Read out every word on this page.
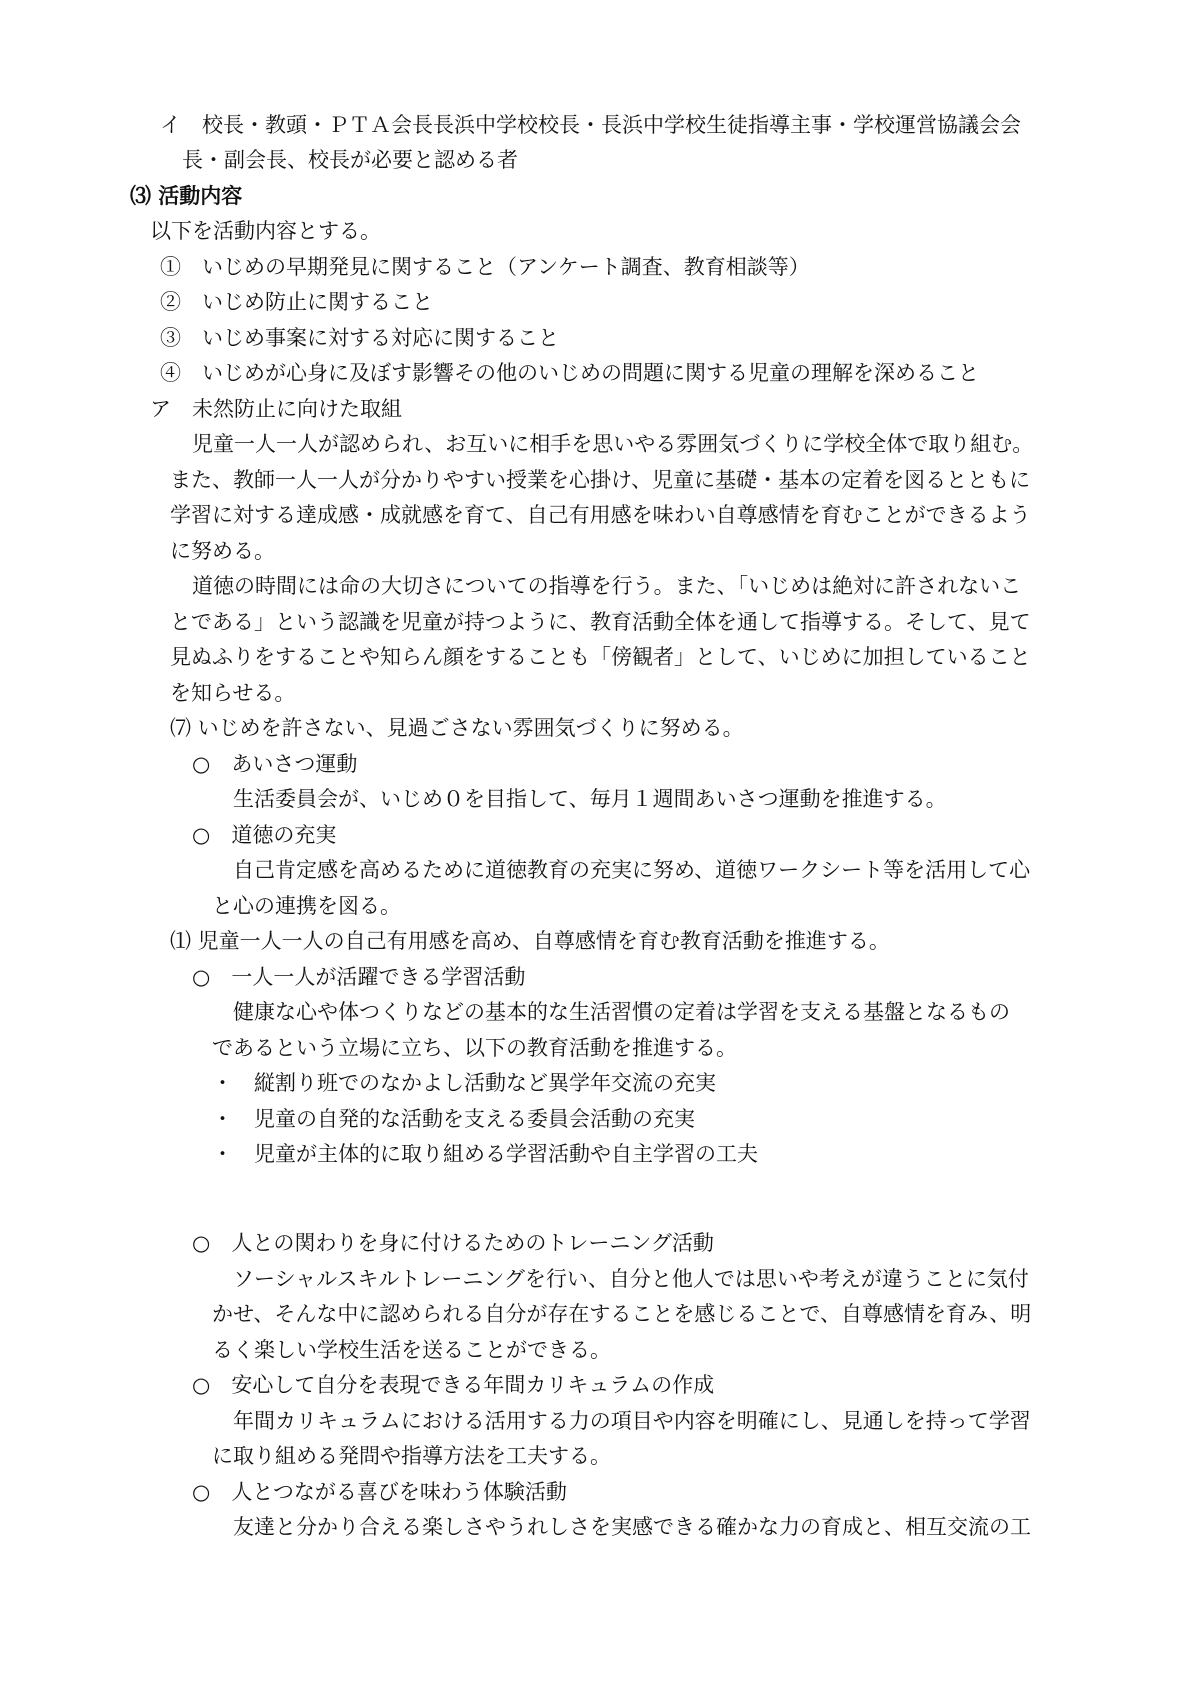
イ　校長・教頭・ＰＴＡ会長長浜中学校校長・長浜中学校生徒指導主事・学校運営協議会会
長・副会長、校長が必要と認める者
⑶ 活動内容
以下を活動内容とする。
①　いじめの早期発見に関すること（アンケート調査、教育相談等）
②　いじめ防止に関すること
③　いじめ事案に対する対応に関すること
④　いじめが心身に及ぼす影響その他のいじめの問題に関する児童の理解を深めること
ア　未然防止に向けた取組
児童一人一人が認められ、お互いに相手を思いやる雰囲気づくりに学校全体で取り組む。
また、教師一人一人が分かりやすい授業を心掛け、児童に基礎・基本の定着を図るとともに
学習に対する達成感・成就感を育て、自己有用感を味わい自尊感情を育むことができるよう
に努める。
道徳の時間には命の大切さについての指導を行う。また、「いじめは絶対に許されないこ
とである」という認識を児童が持つように、教育活動全体を通して指導する。そして、見て
見ぬふりをすることや知らん顔をすることも「傍観者」として、いじめに加担していること
を知らせる。
⑺ いじめを許さない、見過ごさない雰囲気づくりに努める。
○　あいさつ運動
生活委員会が、いじめ０を目指して、毎月１週間あいさつ運動を推進する。
○　道徳の充実
自己肯定感を高めるために道徳教育の充実に努め、道徳ワークシート等を活用して心
と心の連携を図る。
⑴ 児童一人一人の自己有用感を高め、自尊感情を育む教育活動を推進する。
○　一人一人が活躍できる学習活動
健康な心や体つくりなどの基本的な生活習慣の定着は学習を支える基盤となるもの
であるという立場に立ち、以下の教育活動を推進する。
・　縦割り班でのなかよし活動など異学年交流の充実
・　児童の自発的な活動を支える委員会活動の充実
・　児童が主体的に取り組める学習活動や自主学習の工夫
○　人との関わりを身に付けるためのトレーニング活動
ソーシャルスキルトレーニングを行い、自分と他人では思いや考えが違うことに気付
かせ、そんな中に認められる自分が存在することを感じることで、自尊感情を育み、明
るく楽しい学校生活を送ることができる。
○　安心して自分を表現できる年間カリキュラムの作成
年間カリキュラムにおける活用する力の項目や内容を明確にし、見通しを持って学習
に取り組める発問や指導方法を工夫する。
○　人とつながる喜びを味わう体験活動
友達と分かり合える楽しさやうれしさを実感できる確かな力の育成と、相互交流の工
